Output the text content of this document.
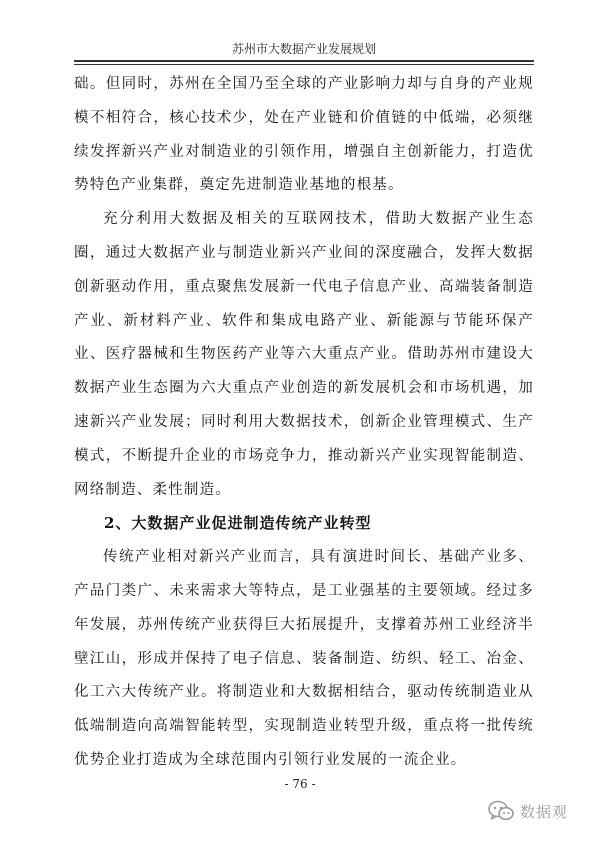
苏州市大数据产业发展规划

础。但同时，苏州在全国乃至全球的产业影响力却与自身的产业规模不相符合，核心技术少，处在产业链和价值链的中低端，必须继续发挥新兴产业对制造业的引领作用，增强自主创新能力，打造优势特色产业集群，奠定先进制造业基地的根基。

充分利用大数据及相关的互联网技术，借助大数据产业生态圈，通过大数据产业与制造业新兴产业间的深度融合，发挥大数据创新驱动作用，重点聚焦发展新一代电子信息产业、高端装备制造产业、新材料产业、软件和集成电路产业、新能源与节能环保产业、医疗器械和生物医药产业等六大重点产业。借助苏州市建设大数据产业生态圈为六大重点产业创造的新发展机会和市场机遇，加速新兴产业发展；同时利用大数据技术，创新企业管理模式、生产模式，不断提升企业的市场竞争力，推动新兴产业实现智能制造、网络制造、柔性制造。

2、大数据产业促进制造传统产业转型

传统产业相对新兴产业而言，具有演进时间长、基础产业多、产品门类广、未来需求大等特点，是工业强基的主要领域。经过多年发展，苏州传统产业获得巨大拓展提升，支撑着苏州工业经济半壁江山，形成并保持了电子信息、装备制造、纺织、轻工、冶金、化工六大传统产业。将制造业和大数据相结合，驱动传统制造业从低端制造向高端智能转型，实现制造业转型升级，重点将一批传统优势企业打造成为全球范围内引领行业发展的一流企业。

- 76 -
数据观
